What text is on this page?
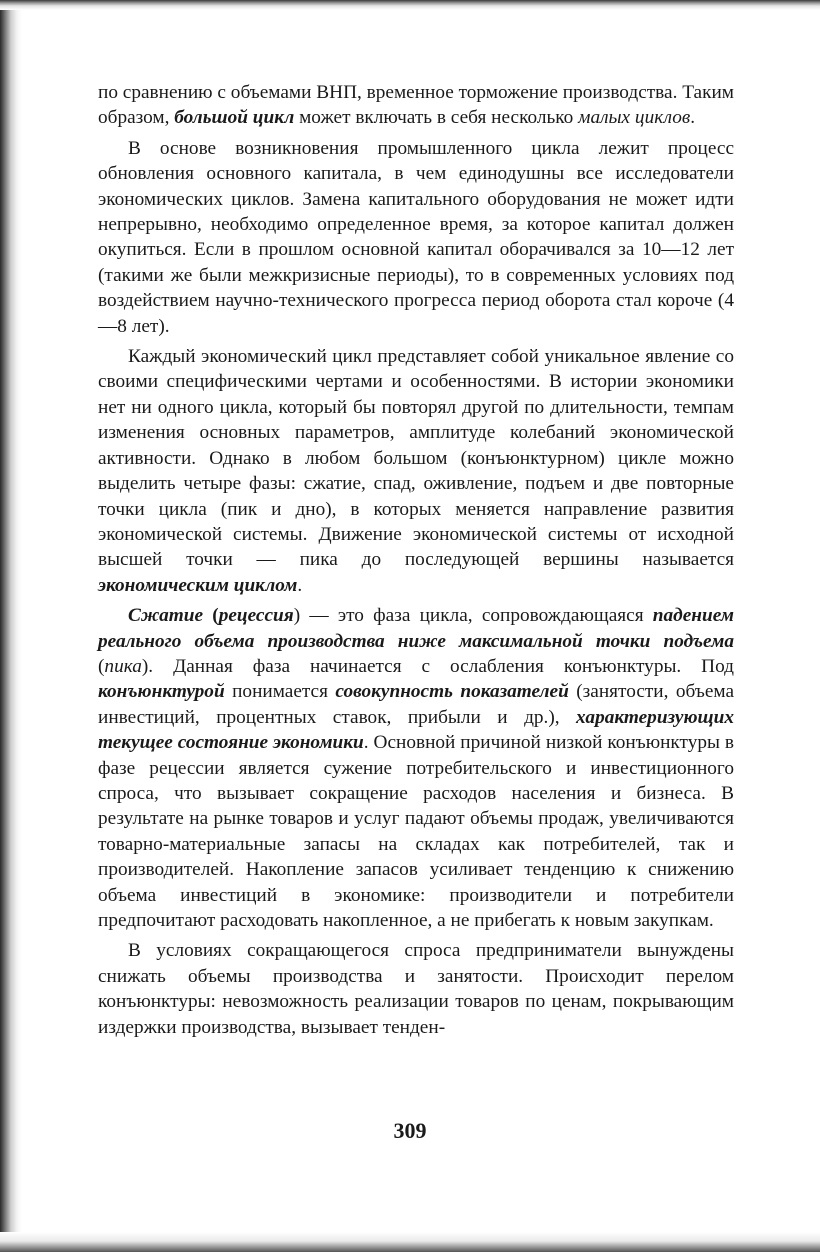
по сравнению с объемами ВНП, временное торможение производства. Таким образом, большой цикл может включать в себя несколько малых циклов.

В основе возникновения промышленного цикла лежит процесс обновления основного капитала, в чем единодушны все исследователи экономических циклов. Замена капитального оборудования не может идти непрерывно, необходимо определенное время, за которое капитал должен окупиться. Если в прошлом основной капитал оборачивался за 10—12 лет (такими же были межкризисные периоды), то в современных условиях под воздействием научно-технического прогресса период оборота стал короче (4—8 лет).

Каждый экономический цикл представляет собой уникальное явление со своими специфическими чертами и особенностями. В истории экономики нет ни одного цикла, который бы повторял другой по длительности, темпам изменения основных параметров, амплитуде колебаний экономической активности. Однако в любом большом (конъюнктурном) цикле можно выделить четыре фазы: сжатие, спад, оживление, подъем и две повторные точки цикла (пик и дно), в которых меняется направление развития экономической системы. Движение экономической системы от исходной высшей точки — пика до последующей вершины называется экономическим циклом.

Сжатие (рецессия) — это фаза цикла, сопровождающаяся падением реального объема производства ниже максимальной точки подъема (пика). Данная фаза начинается с ослабления конъюнктуры. Под конъюнктурой понимается совокупность показателей (занятости, объема инвестиций, процентных ставок, прибыли и др.), характеризующих текущее состояние экономики. Основной причиной низкой конъюнктуры в фазе рецессии является сужение потребительского и инвестиционного спроса, что вызывает сокращение расходов населения и бизнеса. В результате на рынке товаров и услуг падают объемы продаж, увеличиваются товарно-материальные запасы на складах как потребителей, так и производителей. Накопление запасов усиливает тенденцию к снижению объема инвестиций в экономике: производители и потребители предпочитают расходовать накопленное, а не прибегать к новым закупкам.

В условиях сокращающегося спроса предприниматели вынуждены снижать объемы производства и занятости. Происходит перелом конъюнктуры: невозможность реализации товаров по ценам, покрывающим издержки производства, вызывает тенден-

309
